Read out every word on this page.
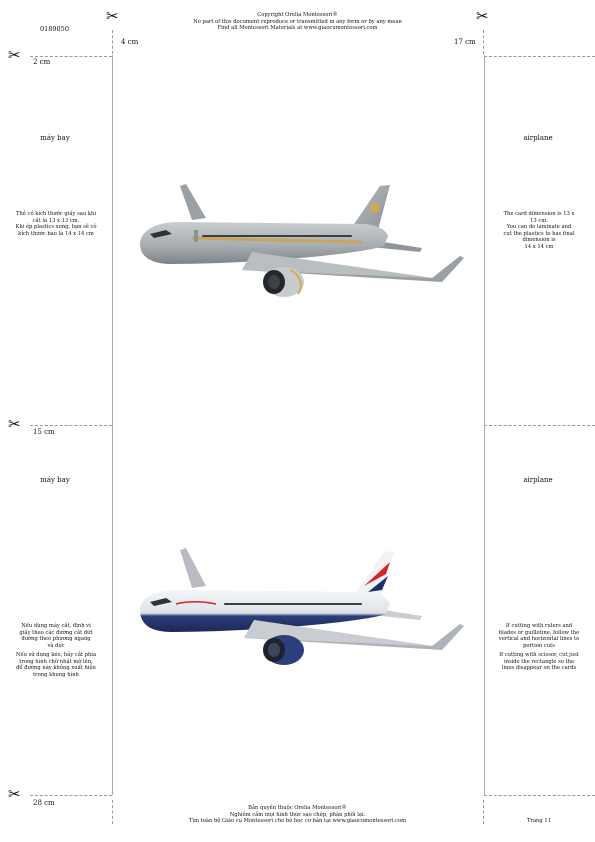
0189050
Copyright Orelia Montessori®
No part of this document reproduce or transmitted in any form or by any mean
Find all Montessori Materials at www.giaocumontessori.com
✂	✂
4 cm	17 cm
2 cm
15 cm
28 cm
✂
✂
✂
máy bay	airplane
Thẻ có kích thước giấy sau khi
cắt là 13 x 13 cm.
Khi ép plastics xong, bạn sẽ có
kích thước bao là 14 x 14 cm
The card dimension is 13 x
13 cm.
You can do laminate and
cut the plastics to has final
dimension is
14 x 14 cm
máy bay	airplane
Nếu dùng máy cắt, định vị
giấy theo các đường cắt đứt
đường theo phương ngang
và dọc
Nếu sử dụng kéo, hãy cắt phía
trong hình chữ nhật mờ lên,
để đường này không xuất hiện
trong khung hình
If cutting with rulers and
blades or guillotine, follow the
vertical and horizontal lines to
portion cuts
If cutting with scissor, cut just
inside the rectangle so the
lines disappear on the cards
Bản quyền thuộc Orelia Montessori®
Nghiêm cấm mọi hình thức sao chép, phân phối lại.
Tìm toàn bộ Giáo cụ Montessori cho bộ học cơ bản tại www.giaocumontessori.com	Trang 11
